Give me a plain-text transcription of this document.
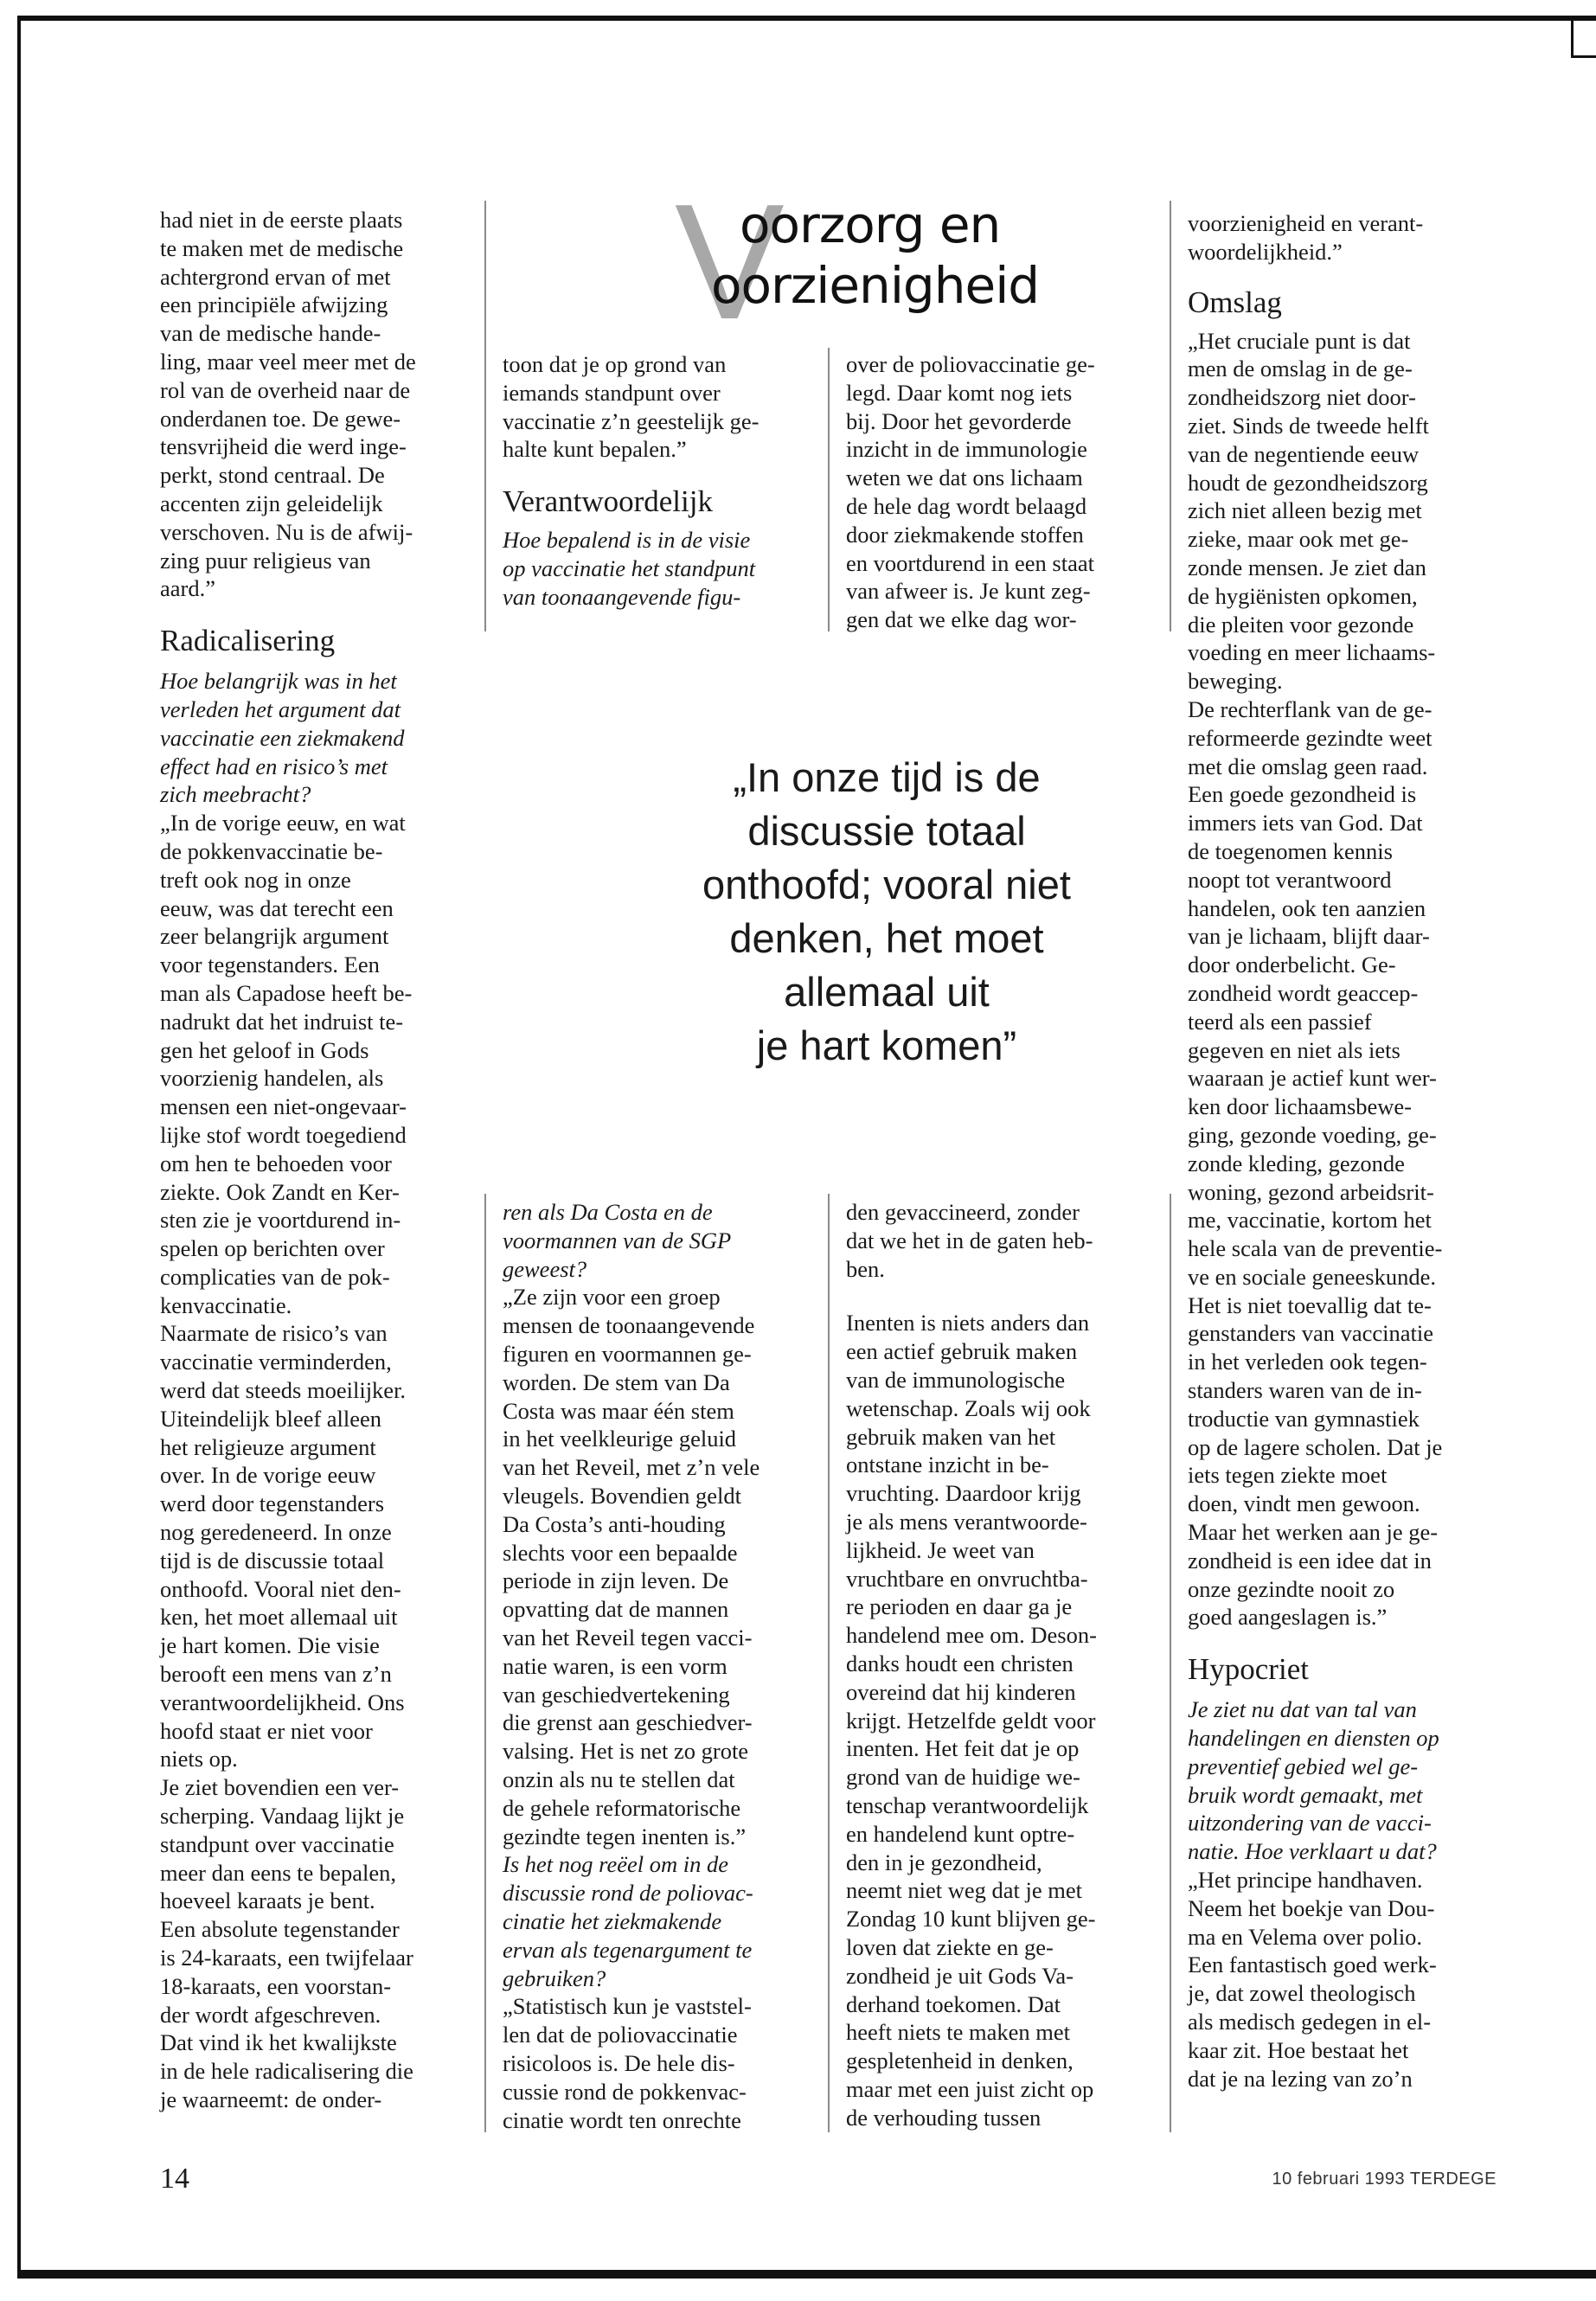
V
oorzorg en
oorzienigheid

had niet in de eerste plaats

te maken met de medische

achtergrond ervan of met

een principiële afwijzing

van de medische hande-

ling, maar veel meer met de

rol van de overheid naar de

onderdanen toe. De gewe-

tensvrijheid die werd inge-

perkt, stond centraal. De

accenten zijn geleidelijk

verschoven. Nu is de afwij-

zing puur religieus van

aard.”

Radicalisering

Hoe belangrijk was in het

verleden het argument dat

vaccinatie een ziekmakend

effect had en risico’s met

zich meebracht?

„In de vorige eeuw, en wat

de pokkenvaccinatie be-

treft ook nog in onze

eeuw, was dat terecht een

zeer belangrijk argument

voor tegenstanders. Een

man als Capadose heeft be-

nadrukt dat het indruist te-

gen het geloof in Gods

voorzienig handelen, als

mensen een niet-ongevaar-

lijke stof wordt toegediend

om hen te behoeden voor

ziekte. Ook Zandt en Ker-

sten zie je voortdurend in-

spelen op berichten over

complicaties van de pok-

kenvaccinatie.

Naarmate de risico’s van

vaccinatie verminderden,

werd dat steeds moeilijker.

Uiteindelijk bleef alleen

het religieuze argument

over. In de vorige eeuw

werd door tegenstanders

nog geredeneerd. In onze

tijd is de discussie totaal

onthoofd. Vooral niet den-

ken, het moet allemaal uit

je hart komen. Die visie

berooft een mens van z’n

verantwoordelijkheid. Ons

hoofd staat er niet voor

niets op.

Je ziet bovendien een ver-

scherping. Vandaag lijkt je

standpunt over vaccinatie

meer dan eens te bepalen,

hoeveel karaats je bent.

Een absolute tegenstander

is 24-karaats, een twijfelaar

18-karaats, een voorstan-

der wordt afgeschreven.

Dat vind ik het kwalijkste

in de hele radicalisering die

je waarneemt: de onder-

toon dat je op grond van

iemands standpunt over

vaccinatie z’n geestelijk ge-

halte kunt bepalen.”

Verantwoordelijk

Hoe bepalend is in de visie

op vaccinatie het standpunt

van toonaangevende figu-

over de poliovaccinatie ge-

legd. Daar komt nog iets

bij. Door het gevorderde

inzicht in de immunologie

weten we dat ons lichaam

de hele dag wordt belaagd

door ziekmakende stoffen

en voortdurend in een staat

van afweer is. Je kunt zeg-

gen dat we elke dag wor-

„In onze tijd is de

discussie totaal

onthoofd; vooral niet

denken, het moet

allemaal uit

je hart komen”

ren als Da Costa en de

voormannen van de SGP

geweest?

„Ze zijn voor een groep

mensen de toonaangevende

figuren en voormannen ge-

worden. De stem van Da

Costa was maar één stem

in het veelkleurige geluid

van het Reveil, met z’n vele

vleugels. Bovendien geldt

Da Costa’s anti-houding

slechts voor een bepaalde

periode in zijn leven. De

opvatting dat de mannen

van het Reveil tegen vacci-

natie waren, is een vorm

van geschiedvertekening

die grenst aan geschiedver-

valsing. Het is net zo grote

onzin als nu te stellen dat

de gehele reformatorische

gezindte tegen inenten is.”

Is het nog reëel om in de

discussie rond de poliovac-

cinatie het ziekmakende

ervan als tegenargument te

gebruiken?

„Statistisch kun je vaststel-

len dat de poliovaccinatie

risicoloos is. De hele dis-

cussie rond de pokkenvac-

cinatie wordt ten onrechte

den gevaccineerd, zonder

dat we het in de gaten heb-

ben.

Inenten is niets anders dan

een actief gebruik maken

van de immunologische

wetenschap. Zoals wij ook

gebruik maken van het

ontstane inzicht in be-

vruchting. Daardoor krijg

je als mens verantwoorde-

lijkheid. Je weet van

vruchtbare en onvruchtba-

re perioden en daar ga je

handelend mee om. Deson-

danks houdt een christen

overeind dat hij kinderen

krijgt. Hetzelfde geldt voor

inenten. Het feit dat je op

grond van de huidige we-

tenschap verantwoordelijk

en handelend kunt optre-

den in je gezondheid,

neemt niet weg dat je met

Zondag 10 kunt blijven ge-

loven dat ziekte en ge-

zondheid je uit Gods Va-

derhand toekomen. Dat

heeft niets te maken met

gespletenheid in denken,

maar met een juist zicht op

de verhouding tussen

voorzienigheid en verant-

woordelijkheid.”

Omslag

„Het cruciale punt is dat

men de omslag in de ge-

zondheidszorg niet door-

ziet. Sinds de tweede helft

van de negentiende eeuw

houdt de gezondheidszorg

zich niet alleen bezig met

zieke, maar ook met ge-

zonde mensen. Je ziet dan

de hygiënisten opkomen,

die pleiten voor gezonde

voeding en meer lichaams-

beweging.

De rechterflank van de ge-

reformeerde gezindte weet

met die omslag geen raad.

Een goede gezondheid is

immers iets van God. Dat

de toegenomen kennis

noopt tot verantwoord

handelen, ook ten aanzien

van je lichaam, blijft daar-

door onderbelicht. Ge-

zondheid wordt geaccep-

teerd als een passief

gegeven en niet als iets

waaraan je actief kunt wer-

ken door lichaamsbewe-

ging, gezonde voeding, ge-

zonde kleding, gezonde

woning, gezond arbeidsrit-

me, vaccinatie, kortom het

hele scala van de preventie-

ve en sociale geneeskunde.

Het is niet toevallig dat te-

genstanders van vaccinatie

in het verleden ook tegen-

standers waren van de in-

troductie van gymnastiek

op de lagere scholen. Dat je

iets tegen ziekte moet

doen, vindt men gewoon.

Maar het werken aan je ge-

zondheid is een idee dat in

onze gezindte nooit zo

goed aangeslagen is.”

Hypocriet

Je ziet nu dat van tal van

handelingen en diensten op

preventief gebied wel ge-

bruik wordt gemaakt, met

uitzondering van de vacci-

natie. Hoe verklaart u dat?

„Het principe handhaven.

Neem het boekje van Dou-

ma en Velema over polio.

Een fantastisch goed werk-

je, dat zowel theologisch

als medisch gedegen in el-

kaar zit. Hoe bestaat het

dat je na lezing van zo’n

14	10 februari 1993 TERDEGE
